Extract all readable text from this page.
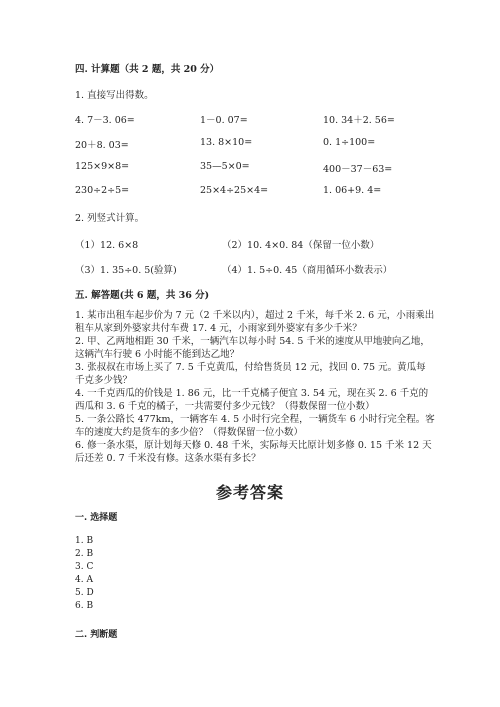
四. 计算题（共 2 题，共 20 分）
1. 直接写出得数。
4. 7－3. 06=	1－0. 07=	10. 34＋2. 56=
20＋8. 03=	13. 8×10=	0. 1÷100=
125×9×8=	35—5×0=	400－37－63=
230÷2÷5=	25×4÷25×4=	1. 06+9. 4=
2. 列竖式计算。
（1）12. 6×8	（2）10. 4×0. 84（保留一位小数）
（3）1. 35÷0. 5(验算)	（4）1. 5÷0. 45（商用循环小数表示）
五. 解答题(共 6 题，共 36 分)
1. 某市出租车起步价为 7 元（2 千米以内），超过 2 千米，每千米 2. 6 元，小雨乘出租车从家到外婆家共付车费 17. 4 元，小雨家到外婆家有多少千米？
2. 甲、乙两地相距 30 千米，一辆汽车以每小时 54. 5 千米的速度从甲地驶向乙地，这辆汽车行驶 6 小时能不能到达乙地？
3. 张叔叔在市场上买了 7. 5 千克黄瓜，付给售货员 12 元，找回 0. 75 元。黄瓜每千克多少钱？
4. 一千克西瓜的价钱是 1. 86 元，比一千克橘子便宜 3. 54 元，现在买 2. 6 千克的西瓜和 3. 6 千克的橘子，一共需要付多少元钱？（得数保留一位小数）
5. 一条公路长 477km，一辆客车 4. 5 小时行完全程，一辆货车 6 小时行完全程。客车的速度大约是货车的多少倍？（得数保留一位小数）
6. 修一条水渠，原计划每天修 0. 48 千米，实际每天比原计划多修 0. 15 千米 12 天后还差 0. 7 千米没有修。这条水渠有多长？
参考答案
一. 选择题
1. B
2. B
3. C
4. A
5. D
6. B
二. 判断题
